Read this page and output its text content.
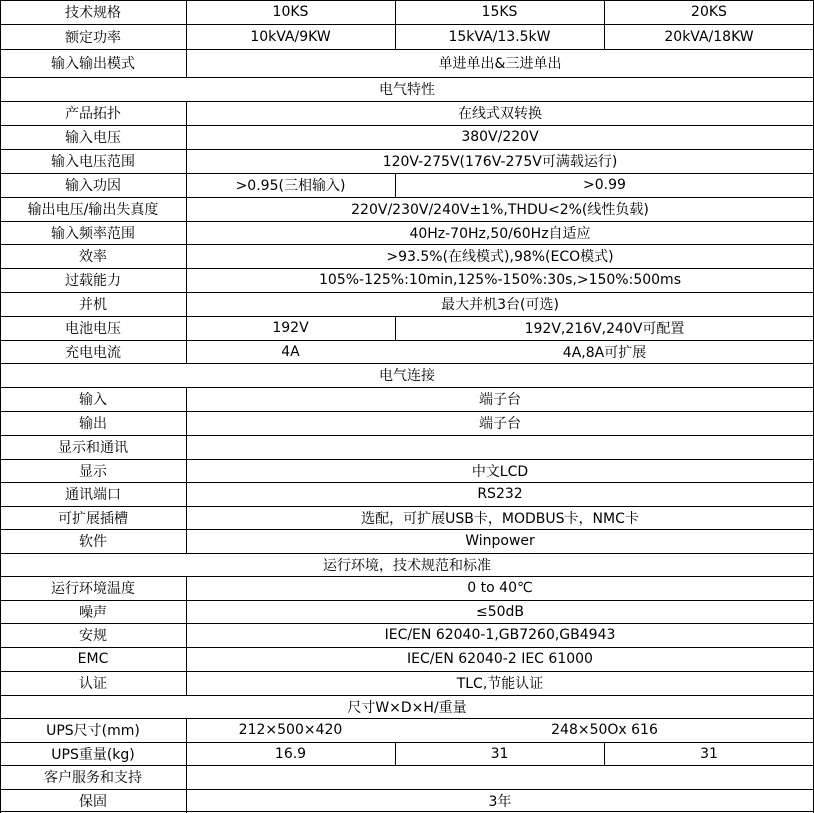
技术规格	10KS	15KS	20KS
额定功率	10kVA/9KW	15kVA/13.5kW	20kVA/18KW
输入输出模式	单进单出&三进单出
电气特性
产品拓扑	在线式双转换
输入电压	380V/220V
输入电压范围	120V-275V(176V-275V可满载运行)
输入功因	>0.95(三相输入)	>0.99
输出电压/输出失真度	220V/230V/240V±1%,THDU<2%(线性负载)
输入频率范围	40Hz-70Hz,50/60Hz自适应
效率	>93.5%(在线模式),98%(ECO模式)
过载能力	105%-125%:10min,125%-150%:30s,>150%:500ms
并机	最大并机3台(可选)
电池电压	192V	192V,216V,240V可配置
充电电流	4A	4A,8A可扩展
电气连接
输入	端子台
输出	端子台
显示和通讯
显示	中文LCD
通讯端口	RS232
可扩展插槽	选配，可扩展USB卡，MODBUS卡，NMC卡
软件	Winpower
运行环境，技术规范和标准
运行环境温度	0 to 40℃
噪声	≤50dB
安规	IEC/EN 62040-1,GB7260,GB4943
EMC	IEC/EN 62040-2 IEC 61000
认证	TLC,节能认证
尺寸W×D×H/重量
UPS尺寸(mm)	212×500×420	248×50Ox 616
UPS重量(kg)	16.9	31	31
客户服务和支持
保固	3年
